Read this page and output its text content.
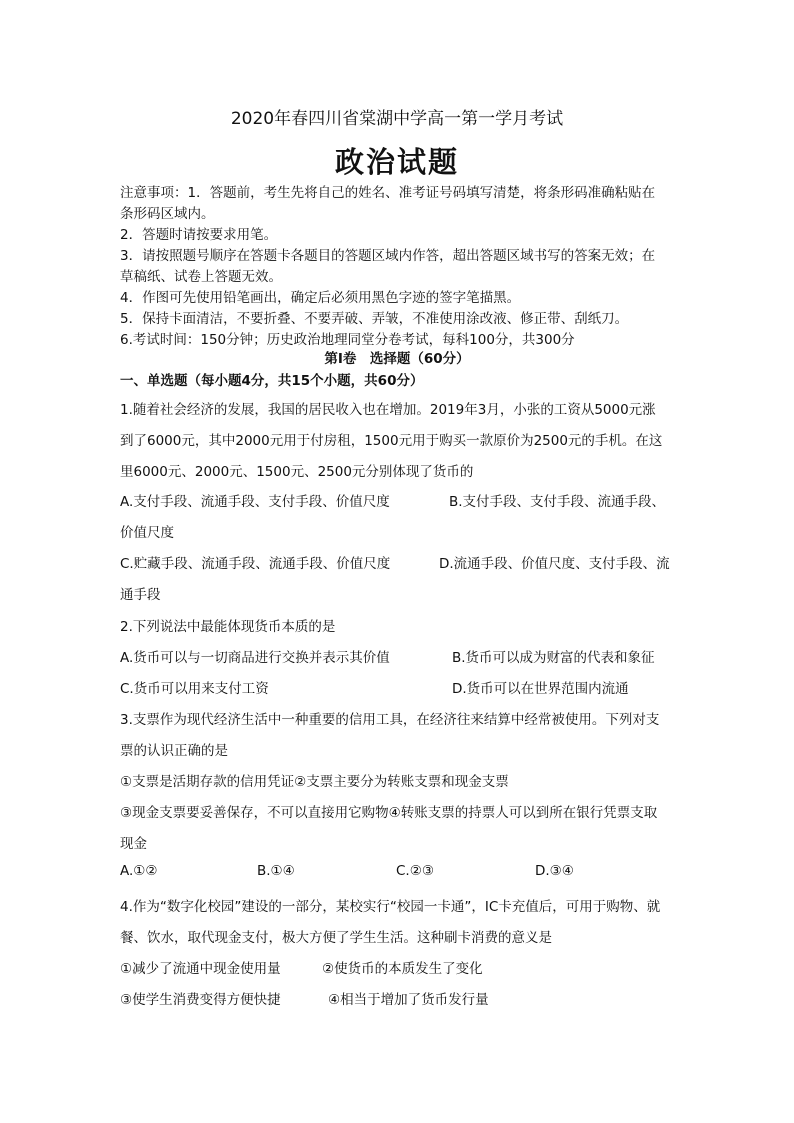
2020年春四川省棠湖中学高一第一学月考试
政治试题
注意事项：1．答题前，考生先将自己的姓名、准考证号码填写清楚，将条形码准确粘贴在
条形码区域内。
2．答题时请按要求用笔。
3．请按照题号顺序在答题卡各题目的答题区域内作答，超出答题区域书写的答案无效；在
草稿纸、试卷上答题无效。
4．作图可先使用铅笔画出，确定后必须用黑色字迹的签字笔描黑。
5．保持卡面清洁，不要折叠、不要弄破、弄皱，不准使用涂改液、修正带、刮纸刀。
6.考试时间：150分钟；历史政治地理同堂分卷考试，每科100分，共300分
第Ⅰ卷　选择题（60分）
一、单选题（每小题4分，共15个小题，共60分）
1.随着社会经济的发展，我国的居民收入也在增加。2019年3月，小张的工资从5000元涨
到了6000元，其中2000元用于付房租，1500元用于购买一款原价为2500元的手机。在这
里6000元、2000元、1500元、2500元分别体现了货币的
A.支付手段、流通手段、支付手段、价值尺度	B.支付手段、支付手段、流通手段、
价值尺度
C.贮藏手段、流通手段、流通手段、价值尺度	D.流通手段、价值尺度、支付手段、流
通手段
2.下列说法中最能体现货币本质的是
A.货币可以与一切商品进行交换并表示其价值	B.货币可以成为财富的代表和象征
C.货币可以用来支付工资	D.货币可以在世界范围内流通
3.支票作为现代经济生活中一种重要的信用工具，在经济往来结算中经常被使用。下列对支
票的认识正确的是
①支票是活期存款的信用凭证②支票主要分为转账支票和现金支票
③现金支票要妥善保存，不可以直接用它购物④转账支票的持票人可以到所在银行凭票支取
现金
A.①②	B.①④	C.②③	D.③④
4.作为“数字化校园”建设的一部分，某校实行“校园一卡通”，IC卡充值后，可用于购物、就
餐、饮水，取代现金支付，极大方便了学生生活。这种刷卡消费的意义是
①减少了流通中现金使用量	②使货币的本质发生了变化
③使学生消费变得方便快捷	④相当于增加了货币发行量
